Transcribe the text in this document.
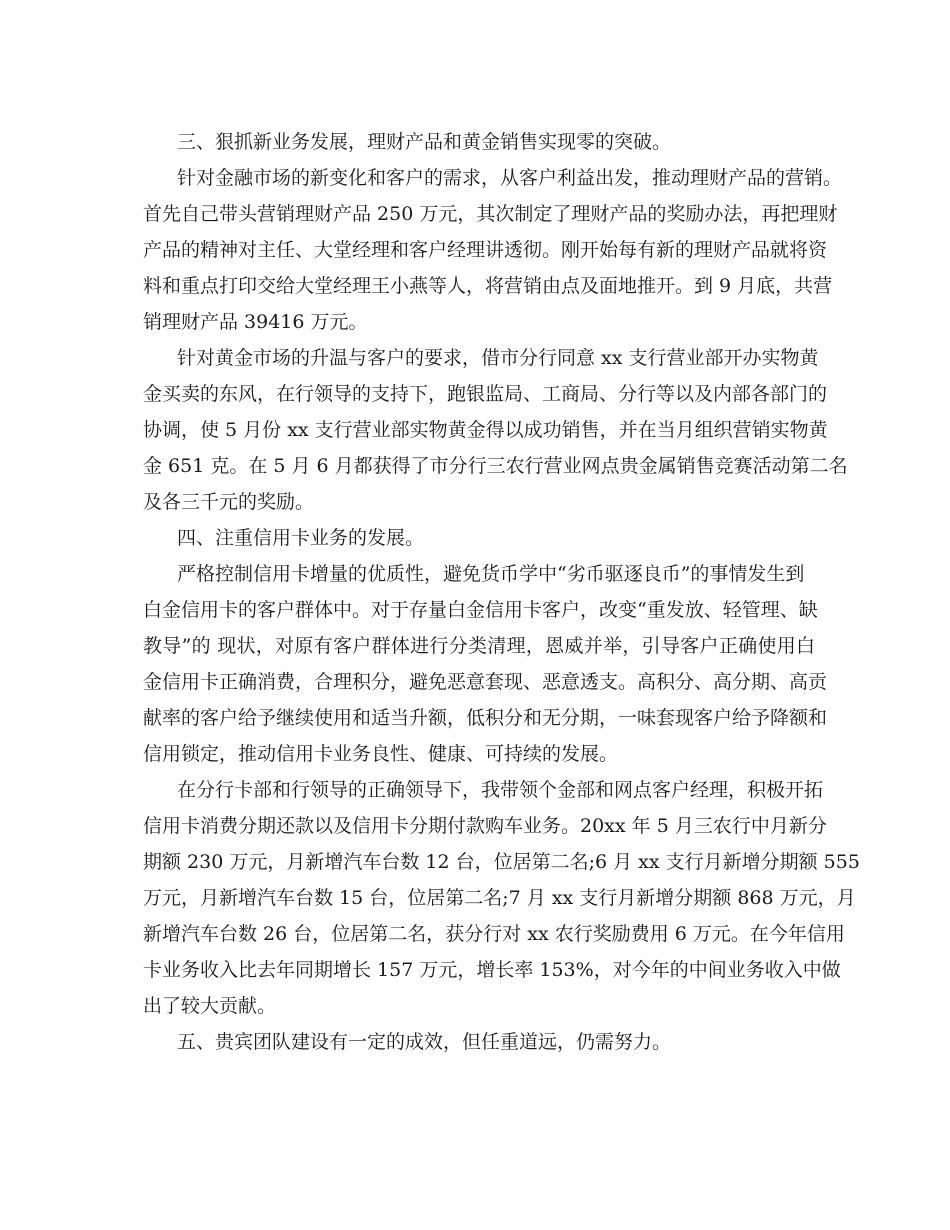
三、狠抓新业务发展，理财产品和黄金销售实现零的突破。
针对金融市场的新变化和客户的需求，从客户利益出发，推动理财产品的营销。
首先自己带头营销理财产品 250 万元，其次制定了理财产品的奖励办法，再把理财
产品的精神对主任、大堂经理和客户经理讲透彻。刚开始每有新的理财产品就将资
料和重点打印交给大堂经理王小燕等人，将营销由点及面地推开。到 9 月底，共营
销理财产品 39416 万元。
针对黄金市场的升温与客户的要求，借市分行同意 xx 支行营业部开办实物黄
金买卖的东风，在行领导的支持下，跑银监局、工商局、分行等以及内部各部门的
协调，使 5 月份 xx 支行营业部实物黄金得以成功销售，并在当月组织营销实物黄
金 651 克。在 5 月 6 月都获得了市分行三农行营业网点贵金属销售竞赛活动第二名
及各三千元的奖励。
四、注重信用卡业务的发展。
严格控制信用卡增量的优质性，避免货币学中“劣币驱逐良币”的事情发生到
白金信用卡的客户群体中。对于存量白金信用卡客户，改变“重发放、轻管理、缺
教导”的 现状，对原有客户群体进行分类清理，恩威并举，引导客户正确使用白
金信用卡正确消费，合理积分，避免恶意套现、恶意透支。高积分、高分期、高贡
献率的客户给予继续使用和适当升额，低积分和无分期，一味套现客户给予降额和
信用锁定，推动信用卡业务良性、健康、可持续的发展。
在分行卡部和行领导的正确领导下，我带领个金部和网点客户经理，积极开拓
信用卡消费分期还款以及信用卡分期付款购车业务。20xx 年 5 月三农行中月新分
期额 230 万元，月新增汽车台数 12 台，位居第二名;6 月 xx 支行月新增分期额 555
万元，月新增汽车台数 15 台，位居第二名;7 月 xx 支行月新增分期额 868 万元，月
新增汽车台数 26 台，位居第二名，获分行对 xx 农行奖励费用 6 万元。在今年信用
卡业务收入比去年同期增长 157 万元，增长率 153%，对今年的中间业务收入中做
出了较大贡献。
五、贵宾团队建设有一定的成效，但任重道远，仍需努力。
